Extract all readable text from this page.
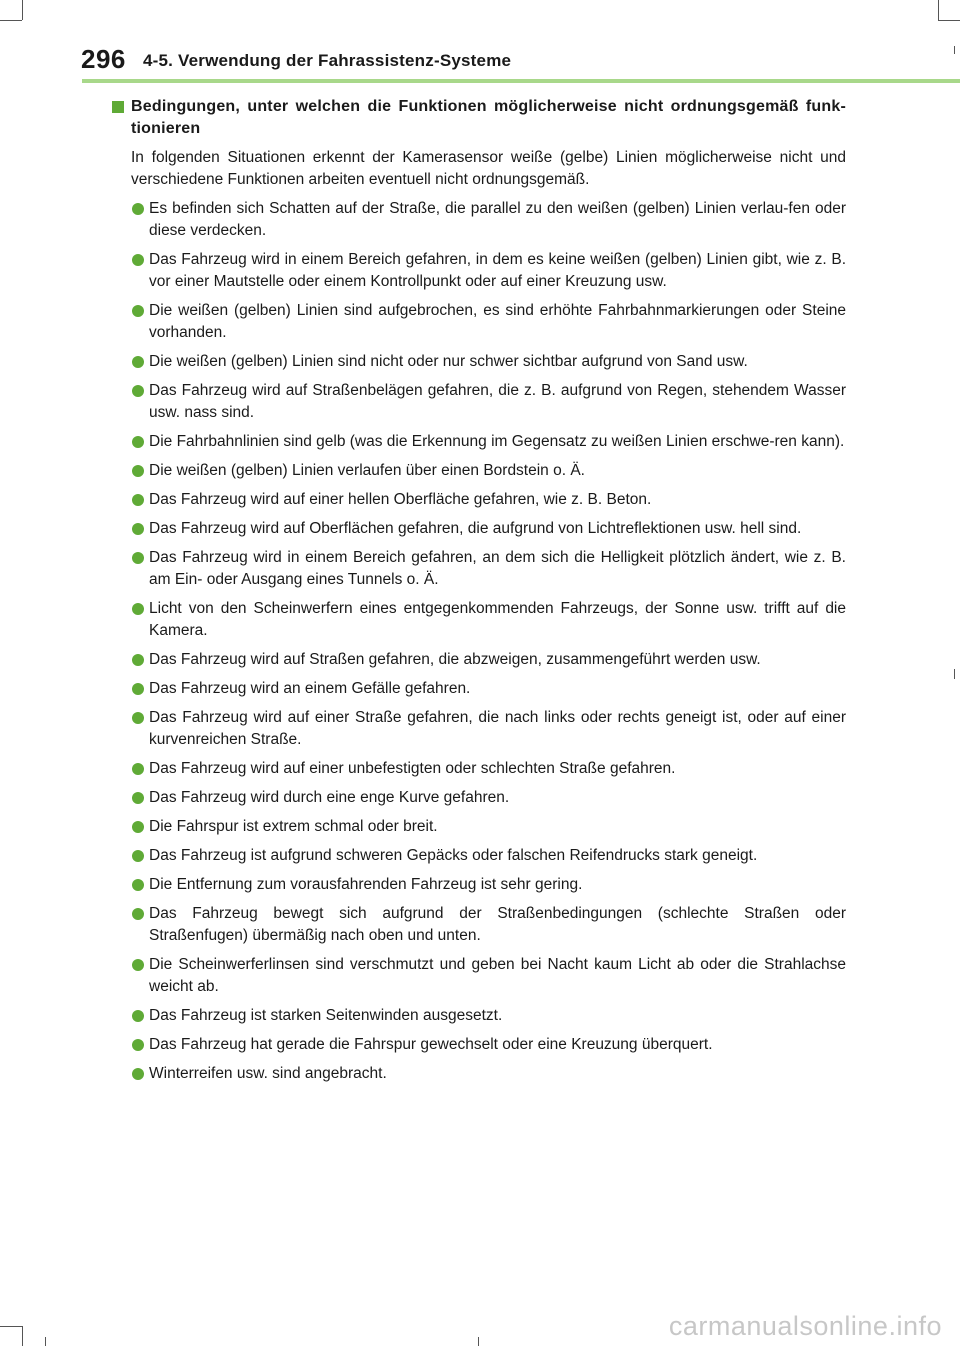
296 4-5. Verwendung der Fahrassistenz-Systeme
Bedingungen, unter welchen die Funktionen möglicherweise nicht ordnungsgemäß funk-tionieren

In folgenden Situationen erkennt der Kamerasensor weiße (gelbe) Linien möglicherweise nicht und verschiedene Funktionen arbeiten eventuell nicht ordnungsgemäß.

Es befinden sich Schatten auf der Straße, die parallel zu den weißen (gelben) Linien verlau-fen oder diese verdecken.
Das Fahrzeug wird in einem Bereich gefahren, in dem es keine weißen (gelben) Linien gibt, wie z. B. vor einer Mautstelle oder einem Kontrollpunkt oder auf einer Kreuzung usw.
Die weißen (gelben) Linien sind aufgebrochen, es sind erhöhte Fahrbahnmarkierungen oder Steine vorhanden.
Die weißen (gelben) Linien sind nicht oder nur schwer sichtbar aufgrund von Sand usw.
Das Fahrzeug wird auf Straßenbelägen gefahren, die z. B. aufgrund von Regen, stehendem Wasser usw. nass sind.
Die Fahrbahnlinien sind gelb (was die Erkennung im Gegensatz zu weißen Linien erschwe-ren kann).
Die weißen (gelben) Linien verlaufen über einen Bordstein o. Ä.
Das Fahrzeug wird auf einer hellen Oberfläche gefahren, wie z. B. Beton.
Das Fahrzeug wird auf Oberflächen gefahren, die aufgrund von Lichtreflektionen usw. hell sind.
Das Fahrzeug wird in einem Bereich gefahren, an dem sich die Helligkeit plötzlich ändert, wie z. B. am Ein- oder Ausgang eines Tunnels o. Ä.
Licht von den Scheinwerfern eines entgegenkommenden Fahrzeugs, der Sonne usw. trifft auf die Kamera.
Das Fahrzeug wird auf Straßen gefahren, die abzweigen, zusammengeführt werden usw.
Das Fahrzeug wird an einem Gefälle gefahren.
Das Fahrzeug wird auf einer Straße gefahren, die nach links oder rechts geneigt ist, oder auf einer kurvenreichen Straße.
Das Fahrzeug wird auf einer unbefestigten oder schlechten Straße gefahren.
Das Fahrzeug wird durch eine enge Kurve gefahren.
Die Fahrspur ist extrem schmal oder breit.
Das Fahrzeug ist aufgrund schweren Gepäcks oder falschen Reifendrucks stark geneigt.
Die Entfernung zum vorausfahrenden Fahrzeug ist sehr gering.
Das Fahrzeug bewegt sich aufgrund der Straßenbedingungen (schlechte Straßen oder Straßenfugen) übermäßig nach oben und unten.
Die Scheinwerferlinsen sind verschmutzt und geben bei Nacht kaum Licht ab oder die Strahlachse weicht ab.
Das Fahrzeug ist starken Seitenwinden ausgesetzt.
Das Fahrzeug hat gerade die Fahrspur gewechselt oder eine Kreuzung überquert.
Winterreifen usw. sind angebracht.
carmanualsonline.info
